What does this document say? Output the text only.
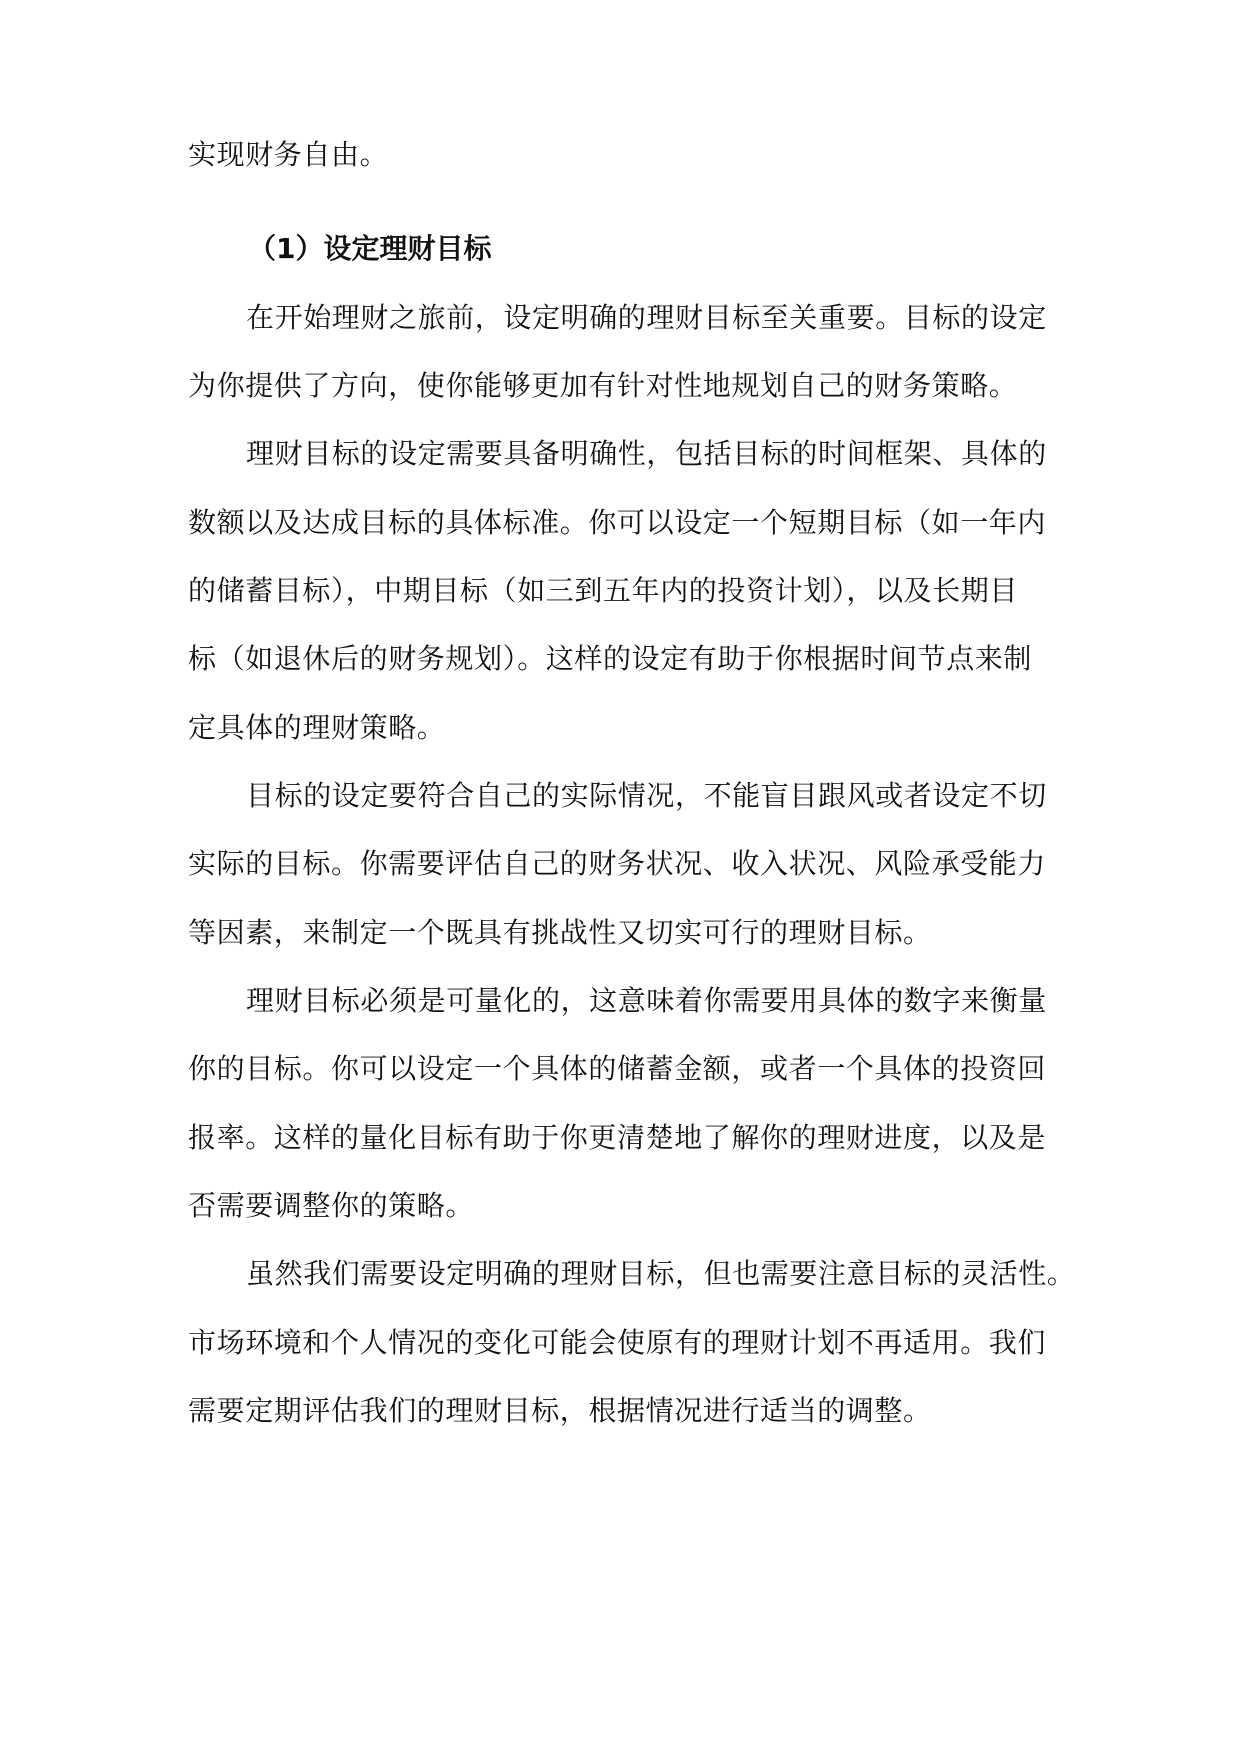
实现财务自由。
（1）设定理财目标
在开始理财之旅前，设定明确的理财目标至关重要。目标的设定
为你提供了方向，使你能够更加有针对性地规划自己的财务策略。
理财目标的设定需要具备明确性，包括目标的时间框架、具体的
数额以及达成目标的具体标准。你可以设定一个短期目标（如一年内
的储蓄目标），中期目标（如三到五年内的投资计划），以及长期目
标（如退休后的财务规划）。这样的设定有助于你根据时间节点来制
定具体的理财策略。
目标的设定要符合自己的实际情况，不能盲目跟风或者设定不切
实际的目标。你需要评估自己的财务状况、收入状况、风险承受能力
等因素，来制定一个既具有挑战性又切实可行的理财目标。
理财目标必须是可量化的，这意味着你需要用具体的数字来衡量
你的目标。你可以设定一个具体的储蓄金额，或者一个具体的投资回
报率。这样的量化目标有助于你更清楚地了解你的理财进度，以及是
否需要调整你的策略。
虽然我们需要设定明确的理财目标，但也需要注意目标的灵活性。
市场环境和个人情况的变化可能会使原有的理财计划不再适用。我们
需要定期评估我们的理财目标，根据情况进行适当的调整。
